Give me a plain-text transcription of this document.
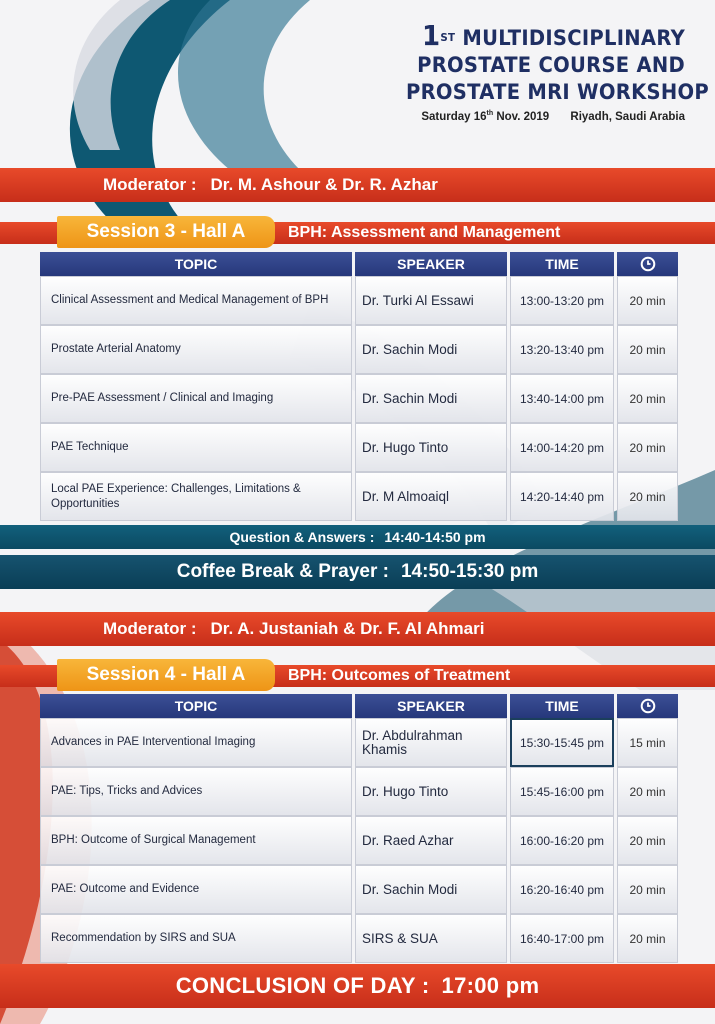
1ST MULTIDISCIPLINARY
PROSTATE COURSE AND
PROSTATE MRI WORKSHOP
Saturday 16th Nov. 2019 Riyadh, Saudi Arabia
Moderator : Dr. M. Ashour & Dr. R. Azhar
Session 3 - Hall A	BPH: Assessment and Management
TOPIC	SPEAKER	TIME
Clinical Assessment and Medical Management of BPH	Dr. Turki Al Essawi	13:00-13:20 pm	20 min
Prostate Arterial Anatomy	Dr. Sachin Modi	13:20-13:40 pm	20 min
Pre-PAE Assessment / Clinical and Imaging	Dr. Sachin Modi	13:40-14:00 pm	20 min
PAE Technique	Dr. Hugo Tinto	14:00-14:20 pm	20 min
Local PAE Experience: Challenges, Limitations & Opportunities	Dr. M Almoaiql	14:20-14:40 pm	20 min
Question & Answers : 14:40-14:50 pm
Coffee Break & Prayer : 14:50-15:30 pm
Moderator : Dr. A. Justaniah & Dr. F. Al Ahmari
Session 4 - Hall A	BPH: Outcomes of Treatment
TOPIC	SPEAKER	TIME
Advances in PAE Interventional Imaging	Dr. Abdulrahman Khamis	15:30-15:45 pm	15 min
PAE: Tips, Tricks and Advices	Dr. Hugo Tinto	15:45-16:00 pm	20 min
BPH: Outcome of Surgical Management	Dr. Raed Azhar	16:00-16:20 pm	20 min
PAE: Outcome and Evidence	Dr. Sachin Modi	16:20-16:40 pm	20 min
Recommendation by SIRS and SUA	SIRS & SUA	16:40-17:00 pm	20 min
CONCLUSION OF DAY : 17:00 pm
